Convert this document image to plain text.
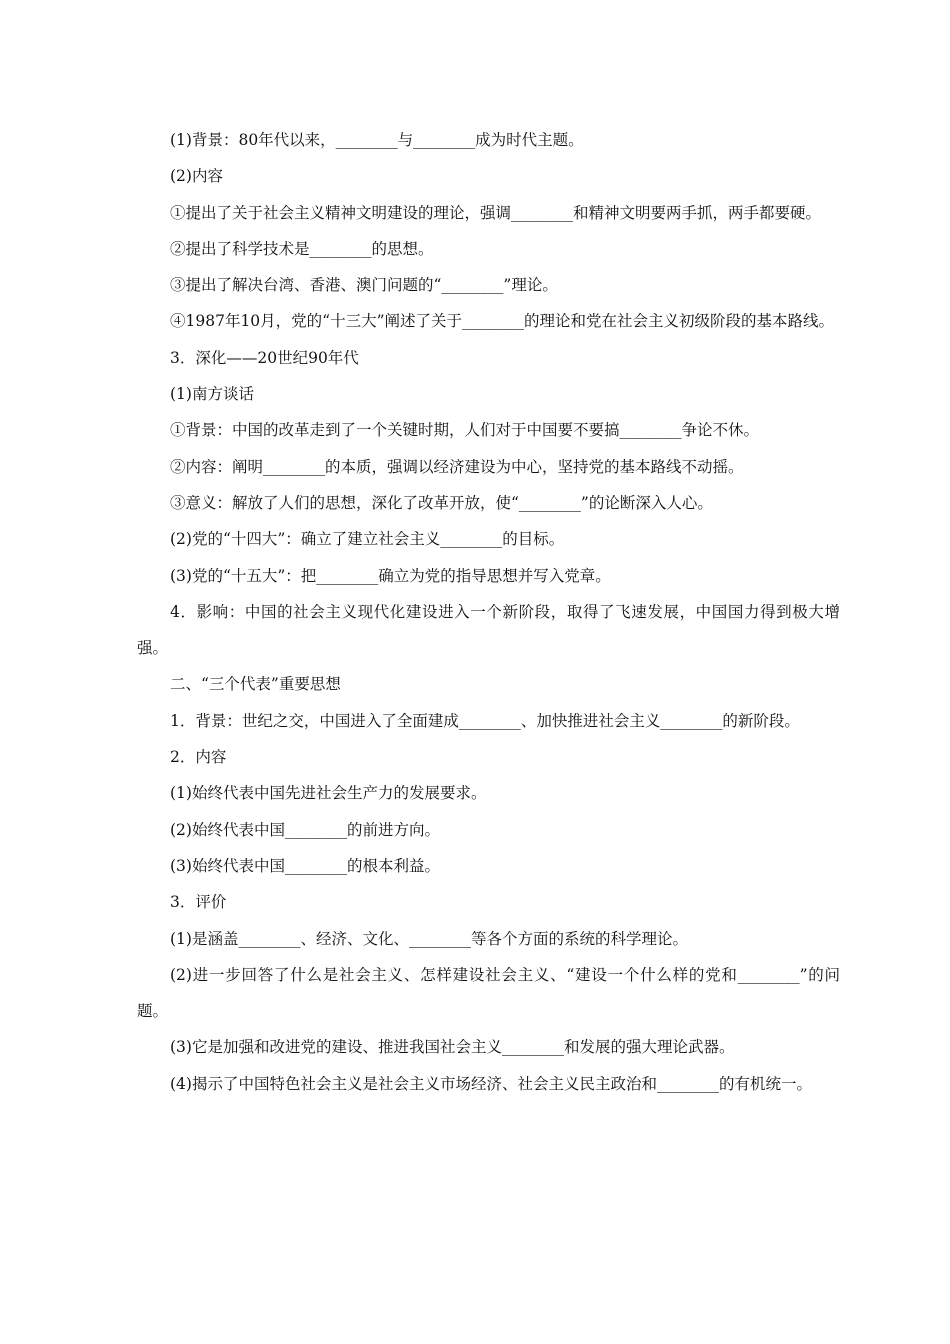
(1)背景：80年代以来，________与________成为时代主题。

(2)内容

①提出了关于社会主义精神文明建设的理论，强调________和精神文明要两手抓，两手都要硬。

②提出了科学技术是________的思想。

③提出了解决台湾、香港、澳门问题的“________”理论。

④1987年10月，党的“十三大”阐述了关于________的理论和党在社会主义初级阶段的基本路线。

3．深化——20世纪90年代

(1)南方谈话

①背景：中国的改革走到了一个关键时期，人们对于中国要不要搞________争论不休。

②内容：阐明________的本质，强调以经济建设为中心，坚持党的基本路线不动摇。

③意义：解放了人们的思想，深化了改革开放，使“________”的论断深入人心。

(2)党的“十四大”：确立了建立社会主义________的目标。

(3)党的“十五大”：把________确立为党的指导思想并写入党章。

4．影响：中国的社会主义现代化建设进入一个新阶段，取得了飞速发展，中国国力得到极大增强。

二、“三个代表”重要思想

1．背景：世纪之交，中国进入了全面建成________、加快推进社会主义________的新阶段。

2．内容

(1)始终代表中国先进社会生产力的发展要求。

(2)始终代表中国________的前进方向。

(3)始终代表中国________的根本利益。

3．评价

(1)是涵盖________、经济、文化、________等各个方面的系统的科学理论。

(2)进一步回答了什么是社会主义、怎样建设社会主义、“建设一个什么样的党和________”的问题。

(3)它是加强和改进党的建设、推进我国社会主义________和发展的强大理论武器。

(4)揭示了中国特色社会主义是社会主义市场经济、社会主义民主政治和________的有机统一。
